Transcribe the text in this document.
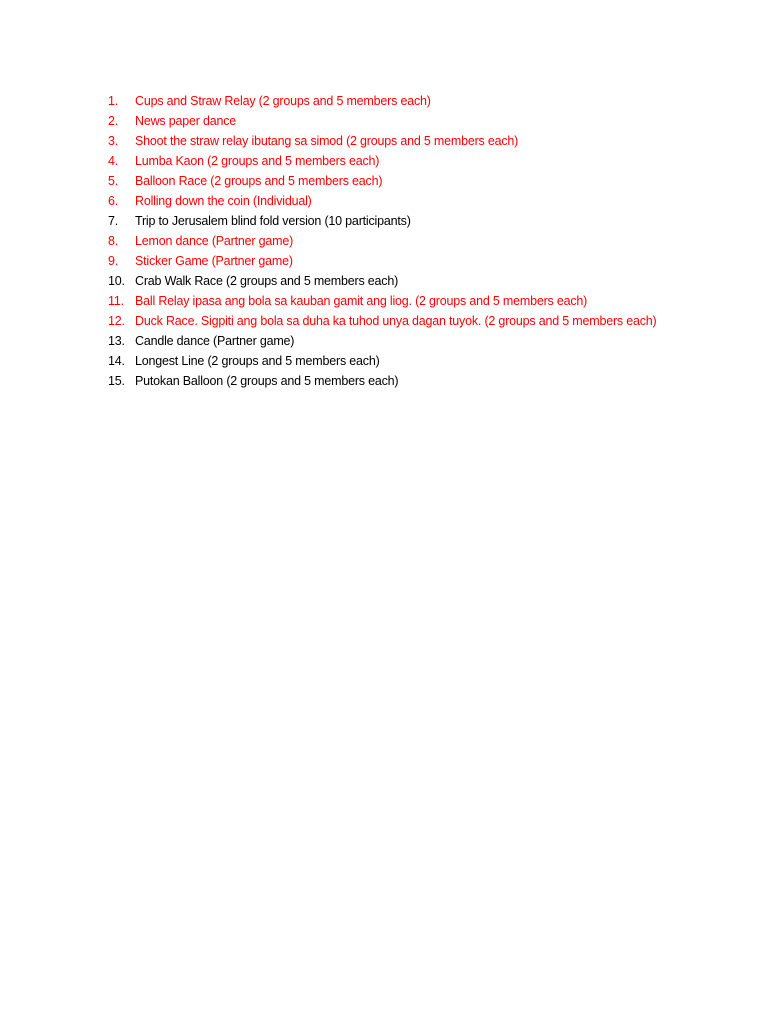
1.	Cups and Straw Relay (2 groups and 5 members each)
2.	News paper dance
3.	Shoot the straw relay ibutang sa simod (2 groups and 5 members each)
4.	Lumba Kaon (2 groups and 5 members each)
5.	Balloon Race (2 groups and 5 members each)
6.	Rolling down the coin (Individual)
7.	Trip to Jerusalem blind fold version (10 participants)
8.	Lemon dance (Partner game)
9.	Sticker Game (Partner game)
10. Crab Walk Race (2 groups and 5 members each)
11. Ball Relay ipasa ang bola sa kauban gamit ang liog. (2 groups and 5 members each)
12. Duck Race. Sigpiti ang bola sa duha ka tuhod unya dagan tuyok. (2 groups and 5 members each)
13. Candle dance (Partner game)
14. Longest Line (2 groups and 5 members each)
15. Putokan Balloon (2 groups and 5 members each)
